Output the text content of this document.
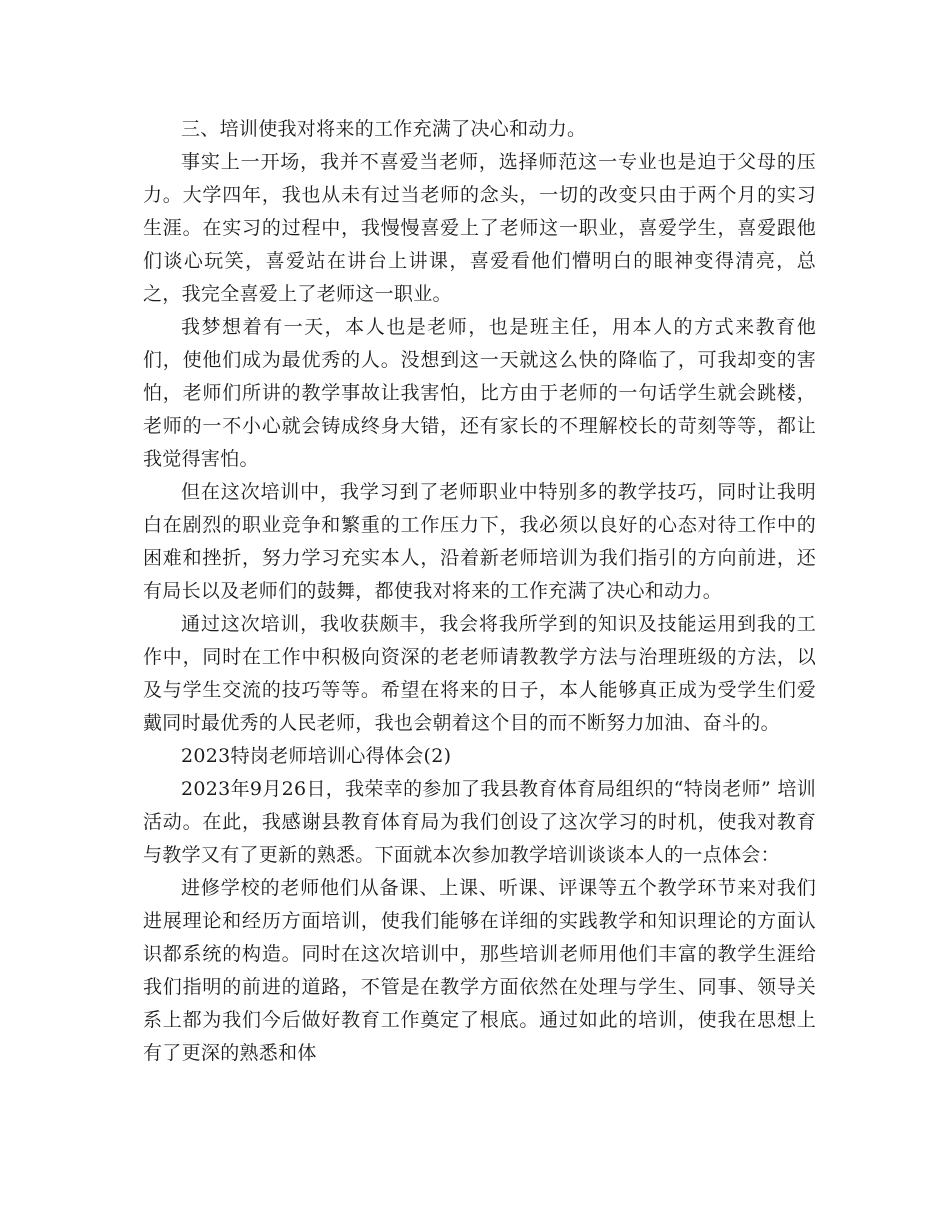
三、培训使我对将来的工作充满了决心和动力。

事实上一开场，我并不喜爱当老师，选择师范这一专业也是迫于父母的压力。大学四年，我也从未有过当老师的念头，一切的改变只由于两个月的实习生涯。在实习的过程中，我慢慢喜爱上了老师这一职业，喜爱学生，喜爱跟他们谈心玩笑，喜爱站在讲台上讲课，喜爱看他们懵明白的眼神变得清亮，总之，我完全喜爱上了老师这一职业。

我梦想着有一天，本人也是老师，也是班主任，用本人的方式来教育他们，使他们成为最优秀的人。没想到这一天就这么快的降临了，可我却变的害怕，老师们所讲的教学事故让我害怕，比方由于老师的一句话学生就会跳楼，老师的一不小心就会铸成终身大错，还有家长的不理解校长的苛刻等等，都让我觉得害怕。

但在这次培训中，我学习到了老师职业中特别多的教学技巧，同时让我明白在剧烈的职业竞争和繁重的工作压力下，我必须以良好的心态对待工作中的困难和挫折，努力学习充实本人，沿着新老师培训为我们指引的方向前进，还有局长以及老师们的鼓舞，都使我对将来的工作充满了决心和动力。

通过这次培训，我收获颇丰，我会将我所学到的知识及技能运用到我的工作中，同时在工作中积极向资深的老老师请教教学方法与治理班级的方法，以及与学生交流的技巧等等。希望在将来的日子，本人能够真正成为受学生们爱戴同时最优秀的人民老师，我也会朝着这个目的而不断努力加油、奋斗的。

2023特岗老师培训心得体会(2)

2023年9月26日，我荣幸的参加了我县教育体育局组织的“特岗老师” 培训活动。在此，我感谢县教育体育局为我们创设了这次学习的时机，使我对教育与教学又有了更新的熟悉。下面就本次参加教学培训谈谈本人的一点体会：

进修学校的老师他们从备课、上课、听课、评课等五个教学环节来对我们进展理论和经历方面培训，使我们能够在详细的实践教学和知识理论的方面认识都系统的构造。同时在这次培训中，那些培训老师用他们丰富的教学生涯给我们指明的前进的道路，不管是在教学方面依然在处理与学生、同事、领导关系上都为我们今后做好教育工作奠定了根底。通过如此的培训，使我在思想上有了更深的熟悉和体
